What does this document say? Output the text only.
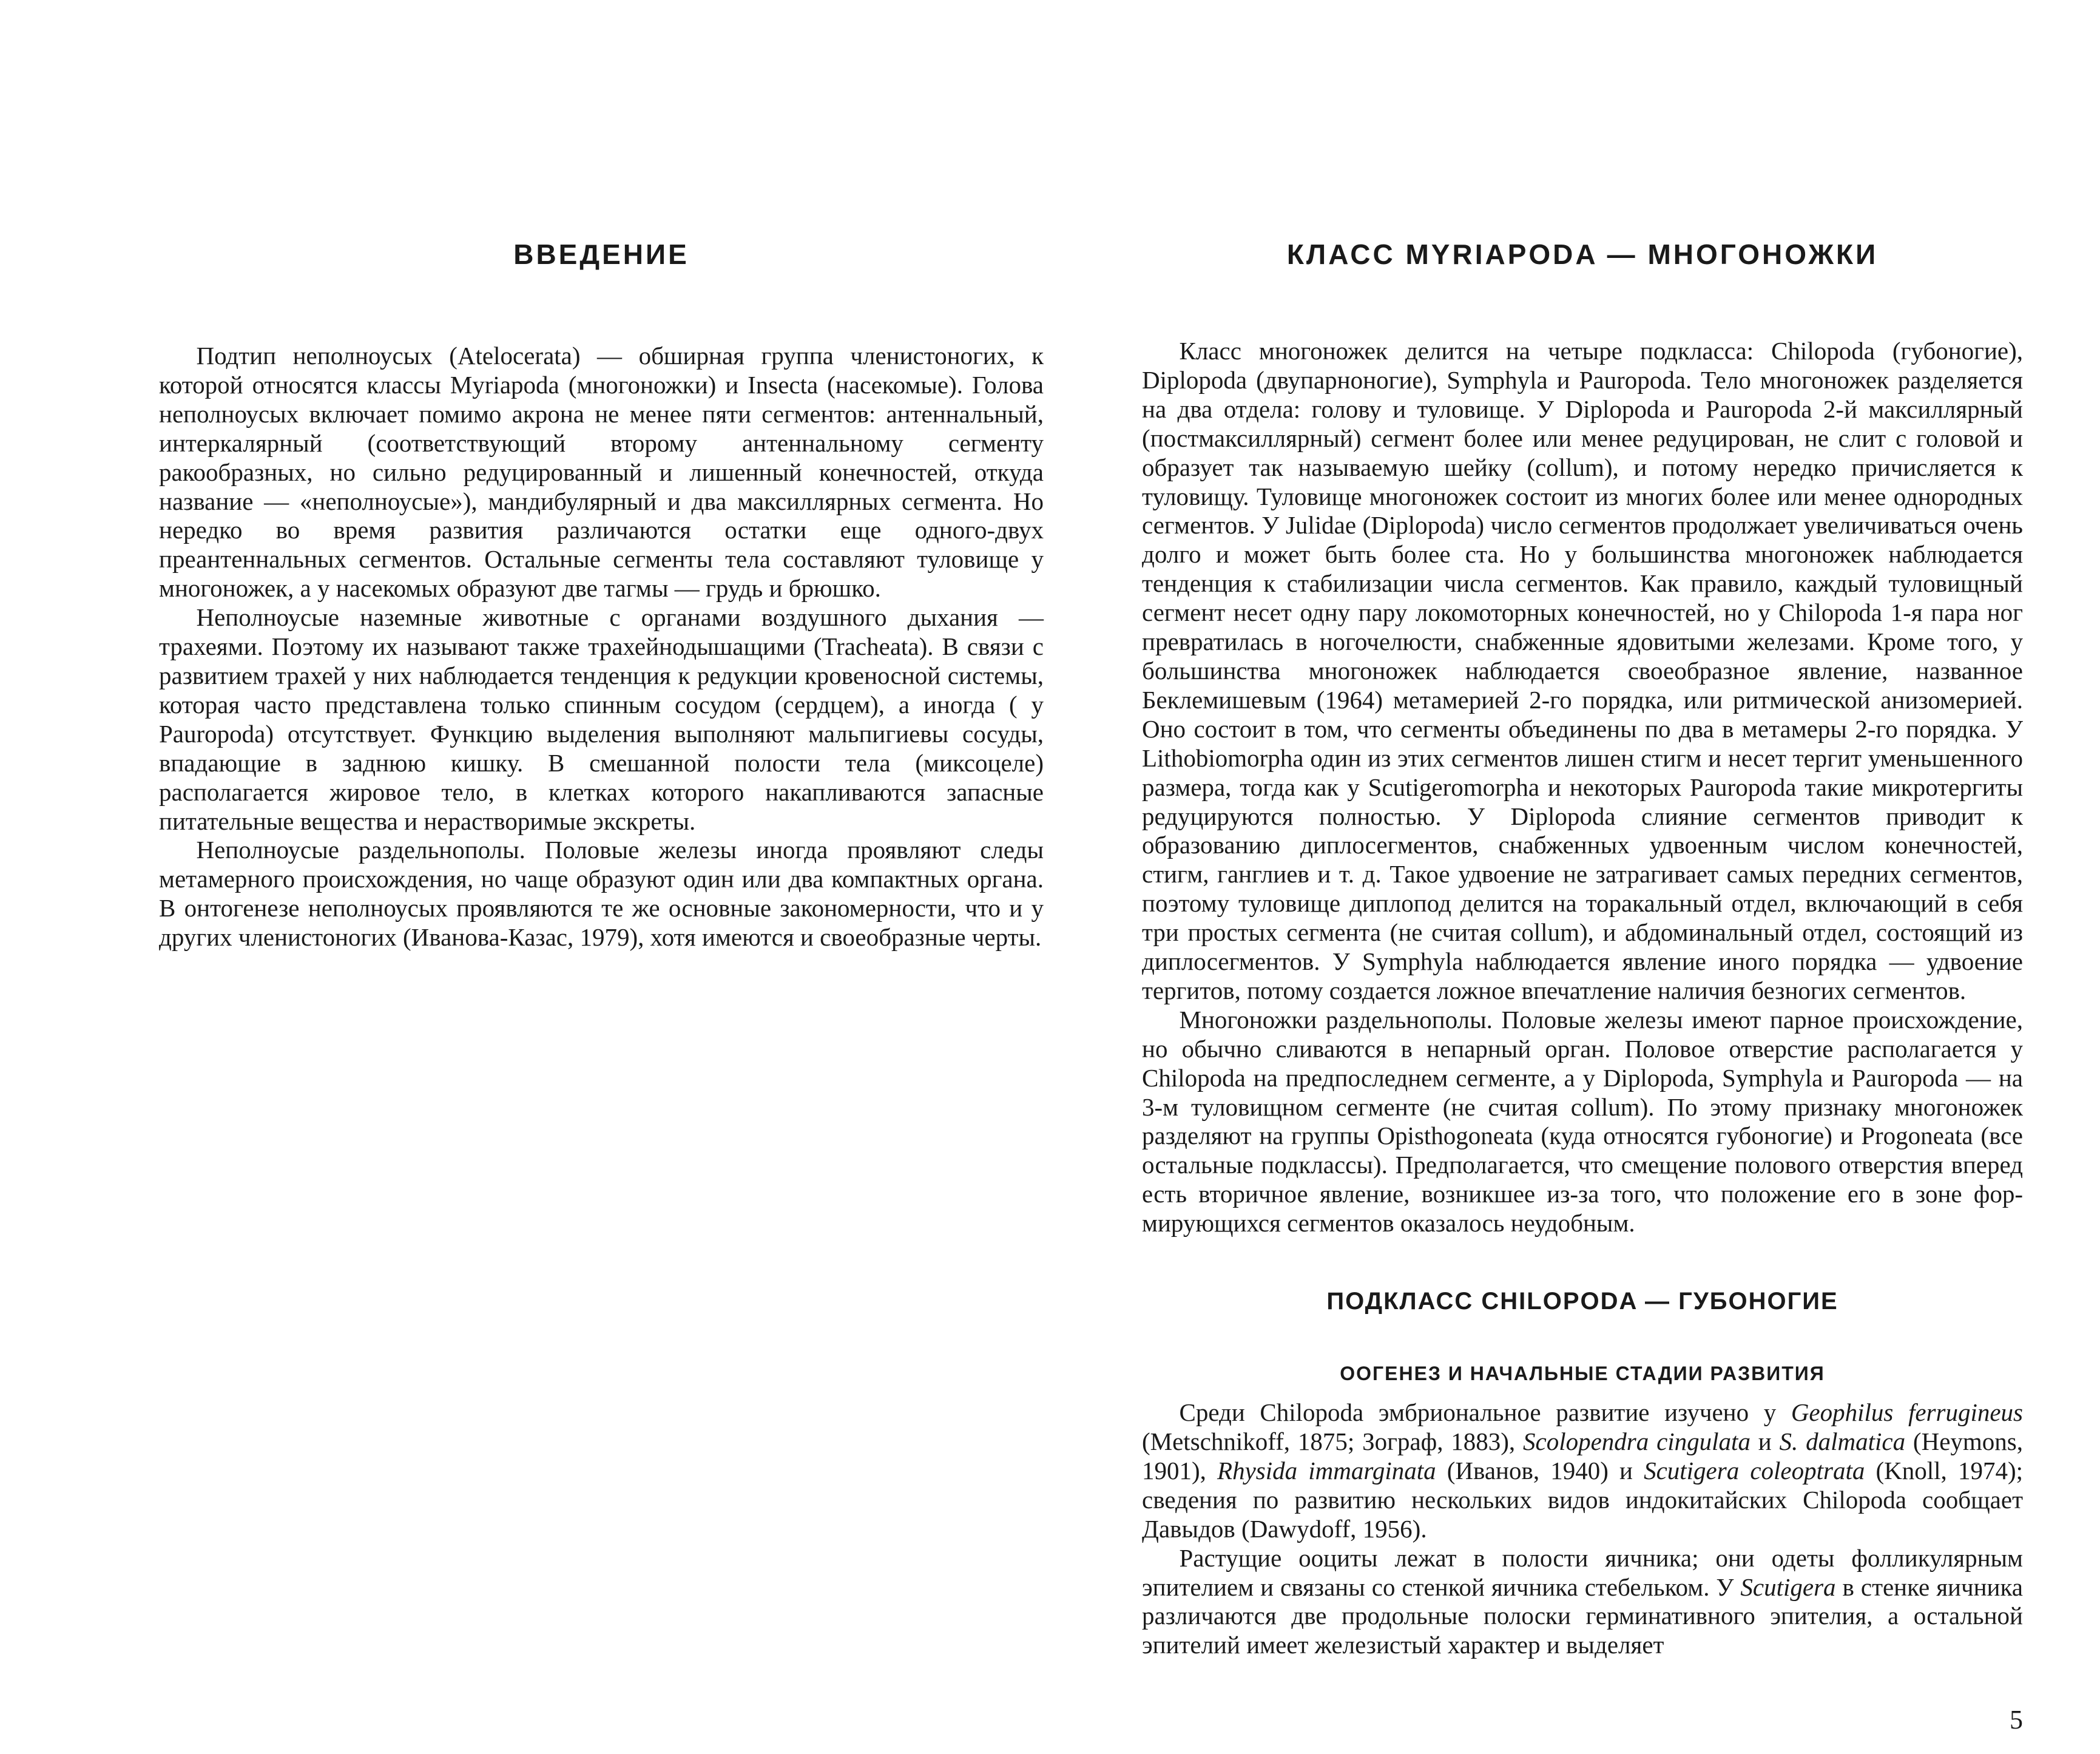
ВВЕДЕНИЕ

Подтип неполноусых (Atelocerata) — обширная группа членистоногих, к которой относятся классы Myriapoda (многоножки) и Insecta (насекомые). Голова неполноусых включает помимо акрона не менее пяти сегментов: антеннальный, интеркалярный (соответствующий второму антеннальному сегменту ракообразных, но сильно редуцированный и лишенный конечностей, откуда название — «неполноусые»), мандибулярный и два максиллярных сегмента. Но нередко во время развития различаются остатки еще одного-двух преантеннальных сегментов. Остальные сегменты тела составляют туловище у многоножек, а у насекомых образуют две тагмы — грудь и брюшко.

Неполноусые наземные животные с органами воздушного дыхания — трахеями. Поэтому их называют также трахейнодышащими (Tracheata). В связи с развитием трахей у них наблюдается тенденция к редукции кровеносной системы, которая часто представлена только спинным сосудом (сердцем), а иногда ( у Pauropoda) отсутствует. Функцию выделения выполняют мальпигиевы сосуды, впадающие в заднюю кишку. В смешанной полости тела (миксоцеле) располагается жировое тело, в клетках которого накапливаются запасные питательные вещества и нерастворимые экскреты.

Неполноусые раздельнополы. Половые железы иногда проявляют следы метамерного происхождения, но чаще образуют один или два компактных органа. В онтогенезе неполноусых проявляются те же основные закономерности, что и у других членистоногих (Иванова-Казас, 1979), хотя имеются и своеобразные черты.

КЛАСС MYRIAPODA — МНОГОНОЖКИ

Класс многоножек делится на четыре подкласса: Chilopoda (губоногие), Diplopoda (двупарноногие), Symphyla и Pauropoda. Тело многоножек разделяется на два отдела: голову и туловище. У Diplopoda и Pauropoda 2-й максиллярный (постмаксиллярный) сегмент более или менее редуцирован, не слит с головой и образует так называемую шейку (collum), и потому нередко причисляется к туловищу. Туловище многоножек состоит из многих более или менее однородных сегментов. У Julidae (Diplopoda) число сегментов продолжает увеличиваться очень долго и может быть более ста. Но у большинства многоножек наблюдается тенденция к стабилизации числа сегментов. Как правило, каждый туловищный сегмент несет одну пару локомоторных конечностей, но у Chilopoda 1-я пара ног превратилась в ногочелюсти, снабженные ядовитыми железами. Кроме того, у большинства многоножек наблюдается своеобразное явление, названное Беклемишевым (1964) метамерией 2-го порядка, или ритмической анизомерией. Оно состоит в том, что сегменты объединены по два в метамеры 2-го порядка. У Lithobiomorpha один из этих сегментов лишен стигм и несет тергит уменьшенного размера, тогда как у Scutigeromorpha и некоторых Pauropoda такие микротергиты редуцируются полностью. У Diplopoda слияние сегментов приводит к образованию диплосегментов, снабженных удвоенным числом конечностей, стигм, ганглиев и т. д. Такое удвоение не затрагивает самых передних сегментов, поэтому туловище диплопод делится на торакальный отдел, включающий в себя три простых сегмента (не считая collum), и абдоминальный отдел, состоящий из диплосегментов. У Symphyla наблюдается явление иного порядка — удвоение тергитов, потому создается ложное впечатление наличия безногих сегментов.

Многоножки раздельнополы. Половые железы имеют парное происхождение, но обычно сливаются в непарный орган. Половое отверстие располагается у Chilopoda на предпоследнем сегменте, а у Diplopoda, Symphyla и Pauropoda — на 3-м туловищном сегменте (не считая collum). По этому признаку многоножек разделяют на группы Opisthogoneata (куда относятся губоногие) и Progoneata (все остальные подклассы). Предполагается, что смещение полового отверстия вперед есть вторичное явление, возникшее из-за того, что положение его в зоне формирующихся сегментов оказалось неудобным.

ПОДКЛАСС CHILOPODA — ГУБОНОГИЕ
ООГЕНЕЗ И НАЧАЛЬНЫЕ СТАДИИ РАЗВИТИЯ

Среди Chilopoda эмбриональное развитие изучено у Geophilus ferrugineus (Metschnikoff, 1875; Зограф, 1883), Scolopendra cingulata и S. dalmatica (Heymons, 1901), Rhysida immarginata (Иванов, 1940) и Scutigera coleoptrata (Knoll, 1974); сведения по развитию нескольких видов индокитайских Chilopoda сообщает Давыдов (Dawydoff, 1956).

Растущие ооциты лежат в полости яичника; они одеты фолликулярным эпителием и связаны со стенкой яичника стебельком. У Scutigera в стенке яичника различаются две продольные полоски герминативного эпителия, а остальной эпителий имеет железистый характер и выделяет

5
